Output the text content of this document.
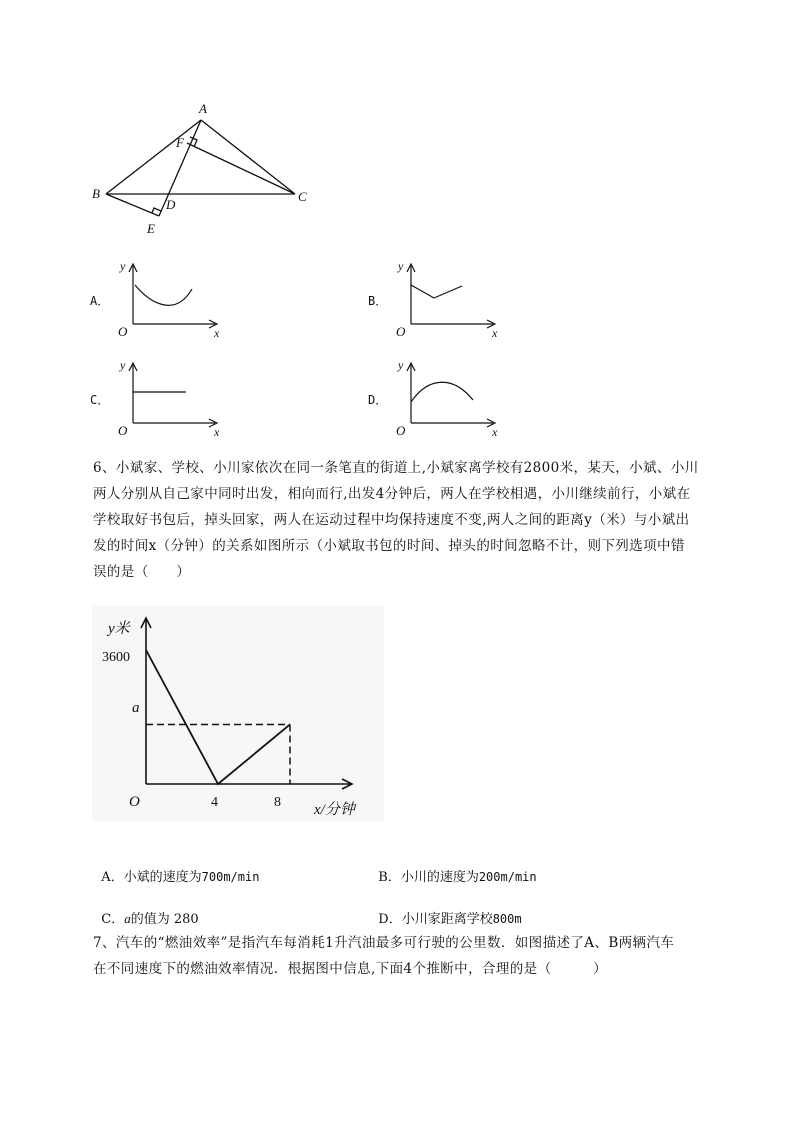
A
F
B	C
D
E
A．
y
O	x
B．
y
O	x
C．
y
O	x
D．
y
O	x
6、小斌家、学校、小川家依次在同一条笔直的街道上,小斌家离学校有2800米，某天，小斌、小川
两人分别从自己家中同时出发，相向而行,出发4分钟后，两人在学校相遇，小川继续前行，小斌在
学校取好书包后，掉头回家，两人在运动过程中均保持速度不变,两人之间的距离y（米）与小斌出
发的时间x（分钟）的关系如图所示（小斌取书包的时间、掉头的时间忽略不计，则下列选项中错
误的是（　　）
y米
x/分钟
3600
a
O	4	8

A．小斌的速度为700m/min	B．小川的速度为200m/min

C．a的值为 280	D．小川家距离学校800m

7、汽车的“燃油效率”是指汽车每消耗1升汽油最多可行驶的公里数．如图描述了A、B两辆汽车
在不同速度下的燃油效率情况．根据图中信息,下面4个推断中，合理的是（　　　）
